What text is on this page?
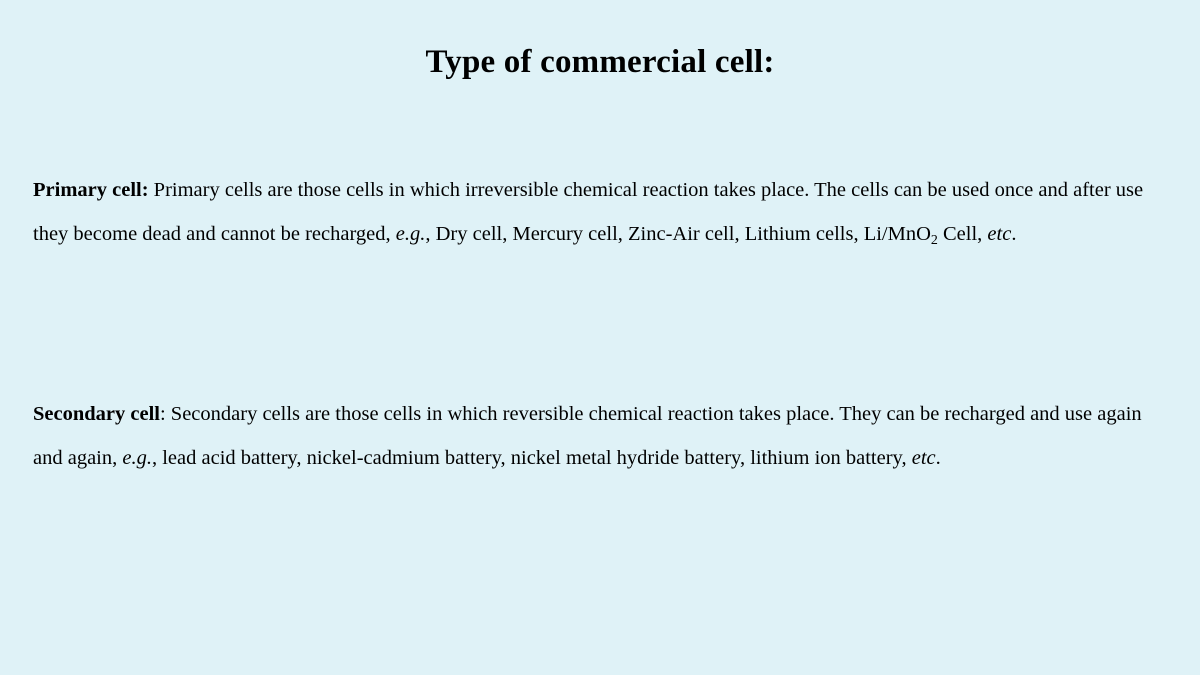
Type of commercial cell:
Primary cell: Primary cells are those cells in which irreversible chemical reaction takes place. The cells can be used once and after use they become dead and cannot be recharged, e.g., Dry cell, Mercury cell, Zinc-Air cell, Lithium cells, Li/MnO$_2$ Cell, etc.
Secondary cell: Secondary cells are those cells in which reversible chemical reaction takes place. They can be recharged and use again and again, e.g., lead acid battery, nickel-cadmium battery, nickel metal hydride battery, lithium ion battery, etc.
